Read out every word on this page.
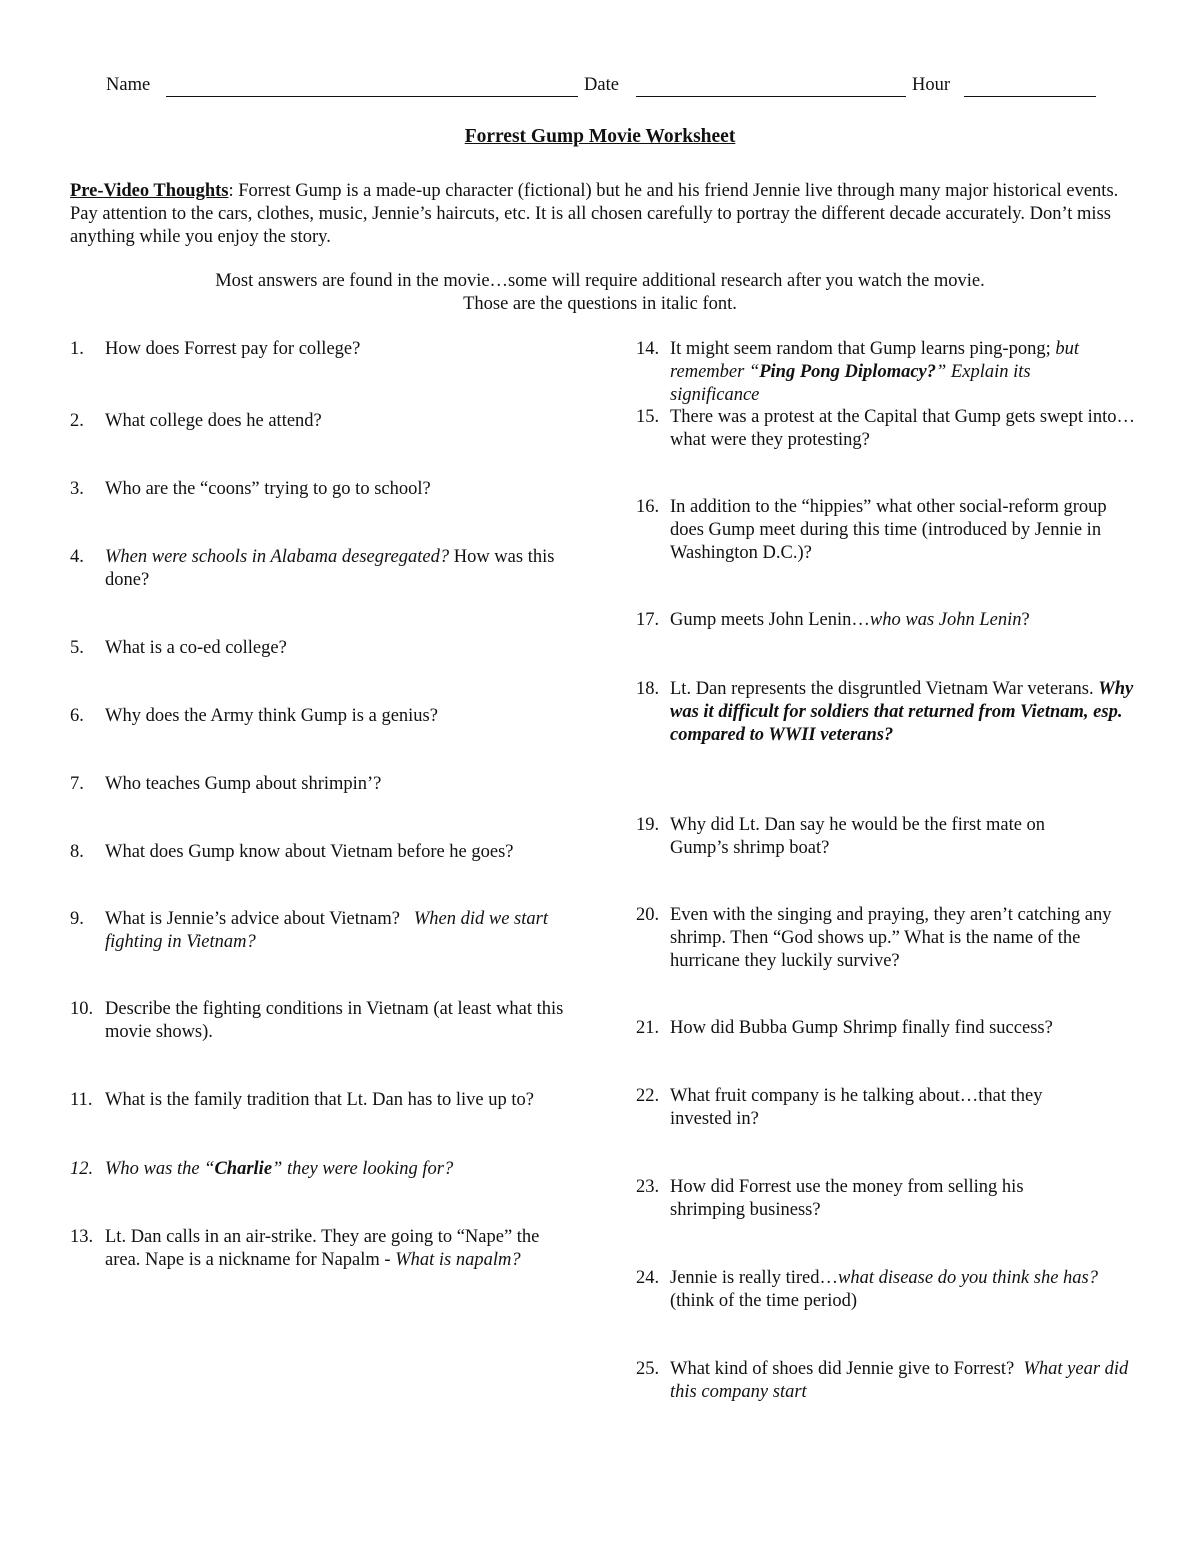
Name	Date	Hour
Forrest Gump Movie Worksheet
Pre-Video Thoughts: Forrest Gump is a made-up character (fictional) but he and his friend Jennie live through many major historical events. Pay attention to the cars, clothes, music, Jennie’s haircuts, etc. It is all chosen carefully to portray the different decade accurately. Don’t miss anything while you enjoy the story.
Most answers are found in the movie…some will require additional research after you watch the movie.
Those are the questions in italic font.
1. How does Forrest pay for college?
2. What college does he attend?
3. Who are the “coons” trying to go to school?
4. When were schools in Alabama desegregated? How was this done?
5. What is a co-ed college?
6. Why does the Army think Gump is a genius?
7. Who teaches Gump about shrimpin’?
8. What does Gump know about Vietnam before he goes?
9. What is Jennie’s advice about Vietnam?   When did we start fighting in Vietnam?
10. Describe the fighting conditions in Vietnam (at least what this movie shows).
11. What is the family tradition that Lt. Dan has to live up to?
12. Who was the “Charlie” they were looking for?
13. Lt. Dan calls in an air-strike. They are going to “Nape” the area. Nape is a nickname for Napalm - What is napalm?
14. It might seem random that Gump learns ping-pong; but remember “Ping Pong Diplomacy?” Explain its significance
15. There was a protest at the Capital that Gump gets swept into…what were they protesting?
16. In addition to the “hippies” what other social-reform group does Gump meet during this time (introduced by Jennie in Washington D.C.)?
17. Gump meets John Lenin…who was John Lenin?
18. Lt. Dan represents the disgruntled Vietnam War veterans. Why was it difficult for soldiers that returned from Vietnam, esp. compared to WWII veterans?
19. Why did Lt. Dan say he would be the first mate on Gump’s shrimp boat?
20. Even with the singing and praying, they aren’t catching any shrimp. Then “God shows up.” What is the name of the hurricane they luckily survive?
21. How did Bubba Gump Shrimp finally find success?
22. What fruit company is he talking about…that they invested in?
23. How did Forrest use the money from selling his shrimping business?
24. Jennie is really tired…what disease do you think she has? (think of the time period)
25. What kind of shoes did Jennie give to Forrest?  What year did this company start
